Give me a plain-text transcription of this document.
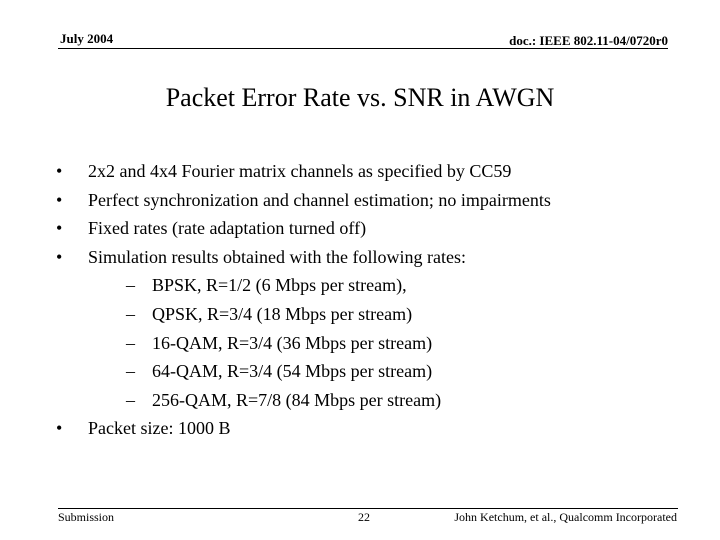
July 2004	doc.: IEEE 802.11-04/0720r0
Packet Error Rate vs. SNR in AWGN
• 2x2 and 4x4 Fourier matrix channels as specified by CC59
• Perfect synchronization and channel estimation; no impairments
• Fixed rates (rate adaptation turned off)
• Simulation results obtained with the following rates:
– BPSK, R=1/2 (6 Mbps per stream),
– QPSK, R=3/4 (18 Mbps per stream)
– 16-QAM, R=3/4 (36 Mbps per stream)
– 64-QAM, R=3/4 (54 Mbps per stream)
– 256-QAM, R=7/8 (84 Mbps per stream)
• Packet size: 1000 B
Submission	22	John Ketchum, et al., Qualcomm Incorporated
